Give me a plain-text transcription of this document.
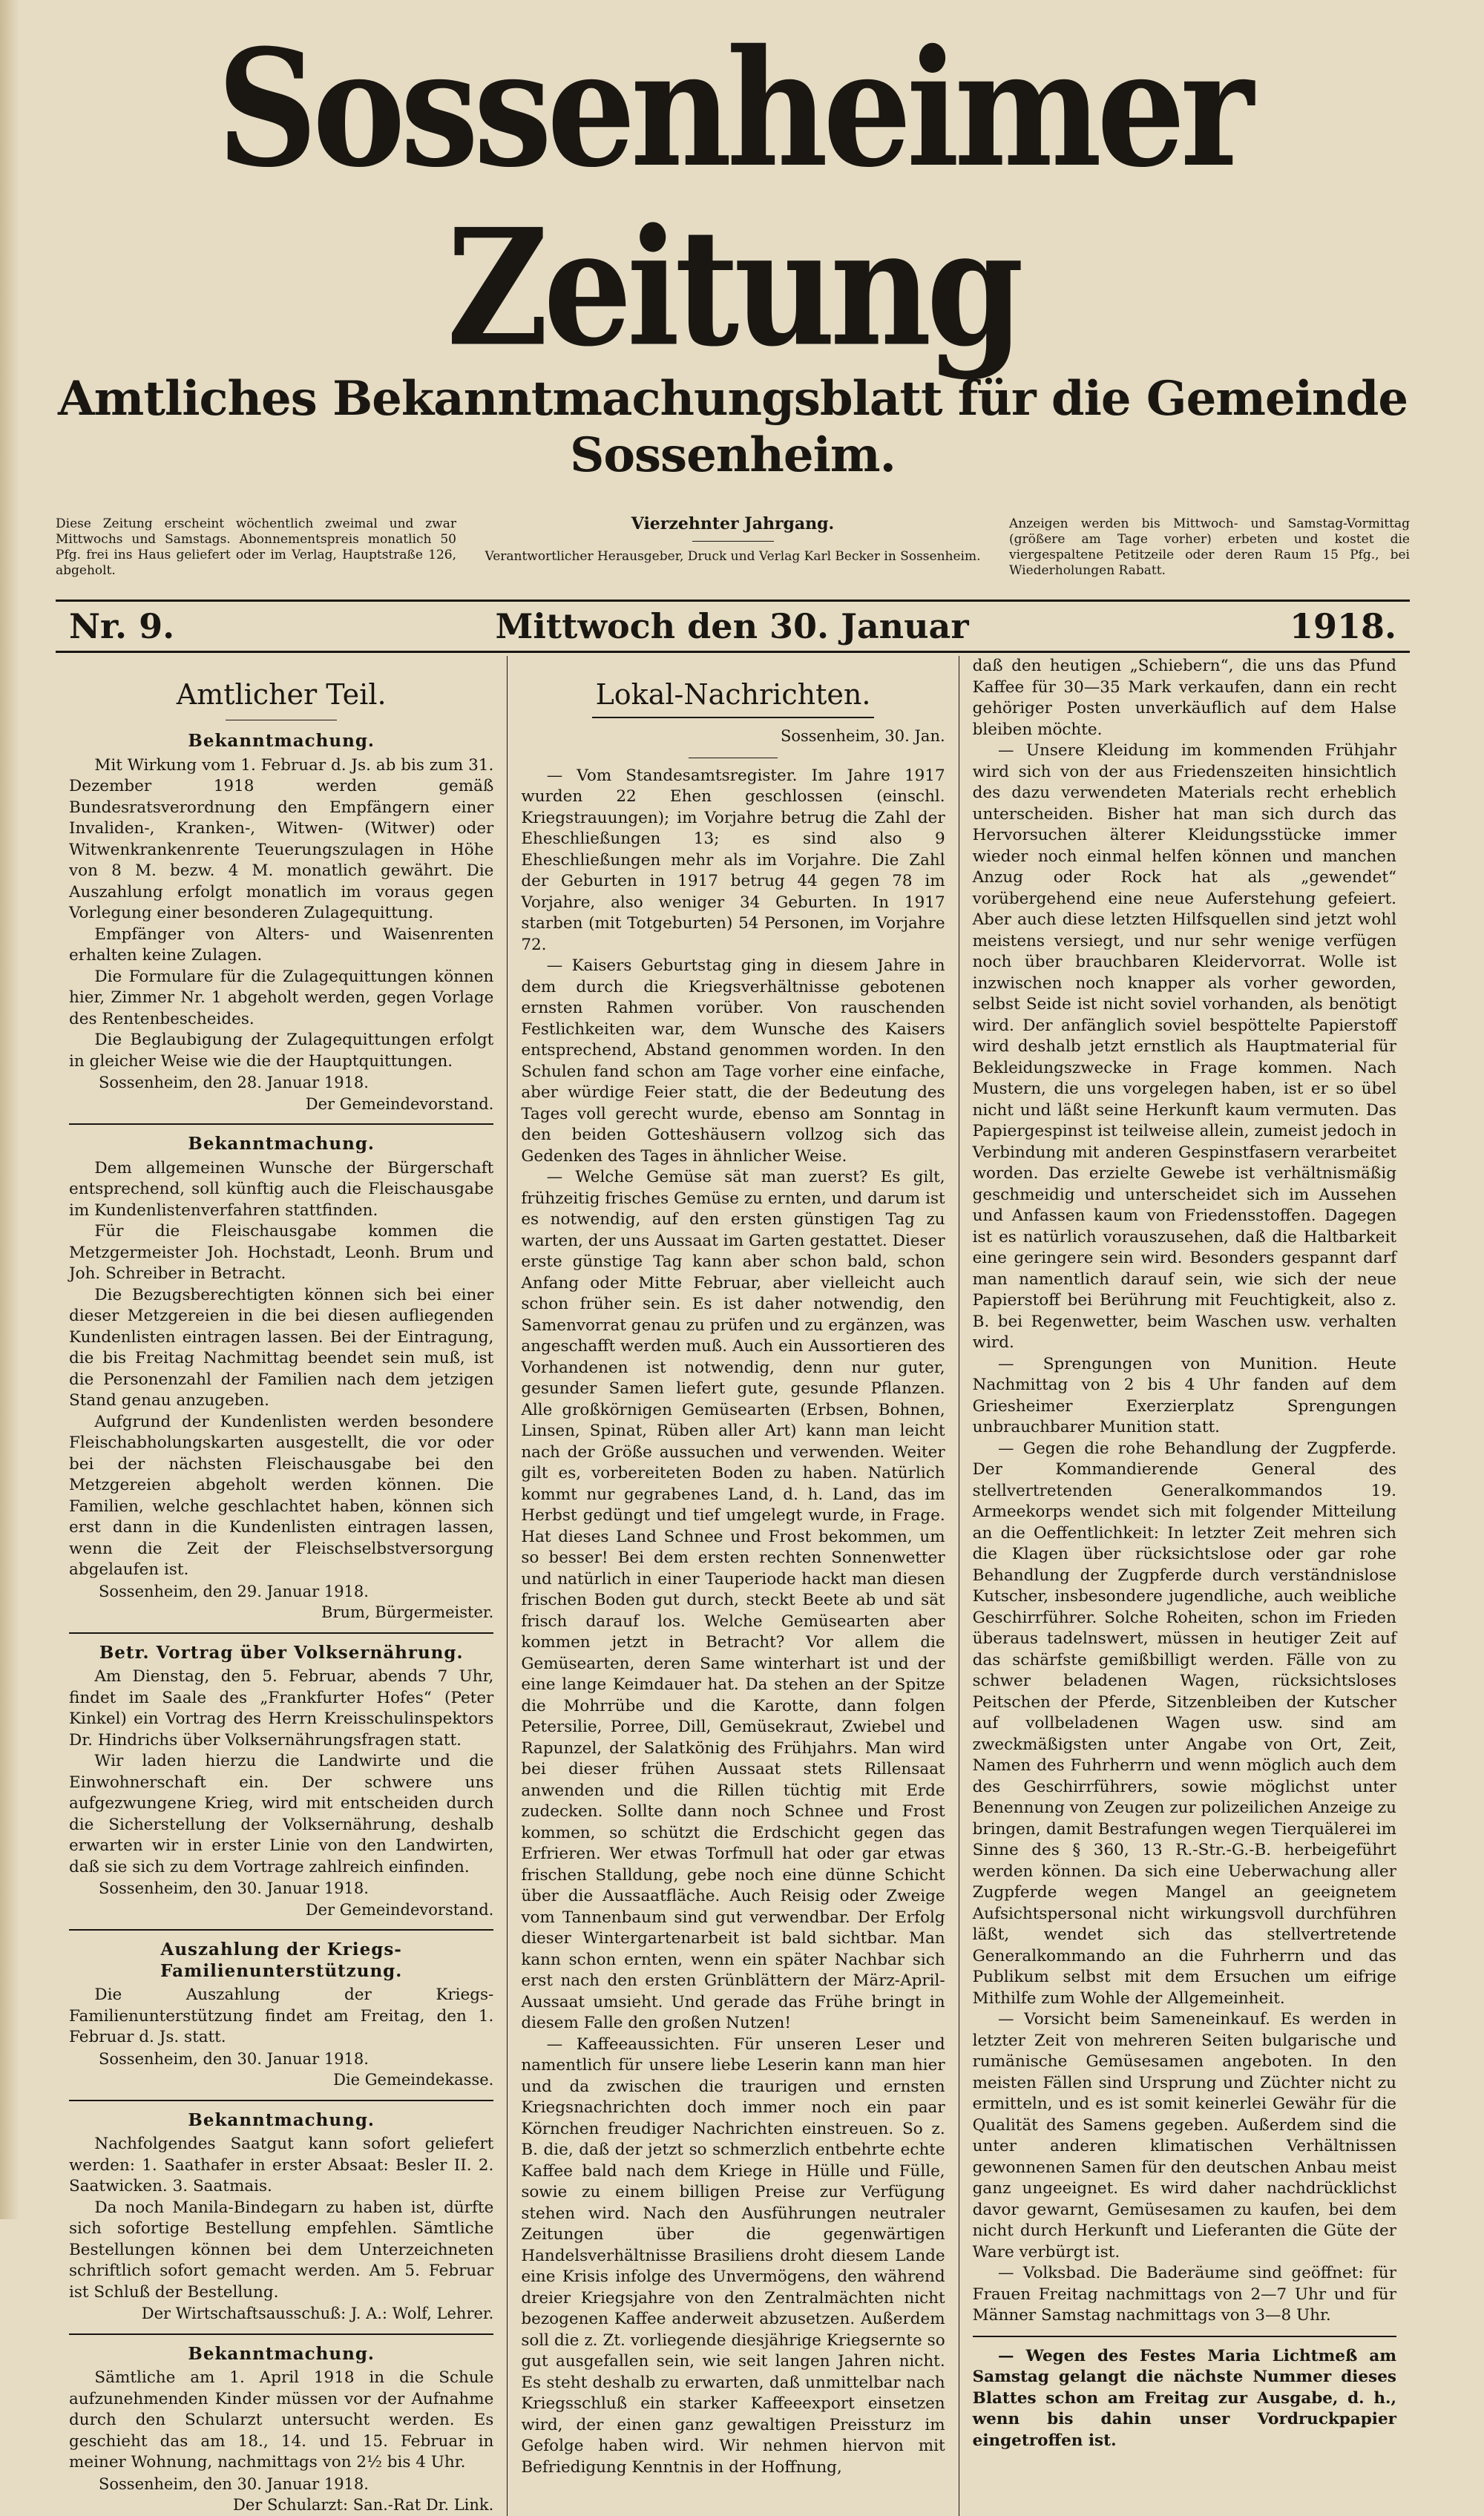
Sossenheimer Zeitung
Amtliches Bekanntmachungsblatt für die Gemeinde Sossenheim.
Diese Zeitung erscheint wöchentlich zweimal und zwar Mittwochs und Samstags. Abonnementspreis monatlich 50 Pfg. frei ins Haus geliefert oder im Verlag, Hauptstraße 126, abgeholt.
Vierzehnter Jahrgang.
Verantwortlicher Herausgeber, Druck und Verlag Karl Becker in Sossenheim.
Anzeigen werden bis Mittwoch- und Samstag-Vormittag (größere am Tage vorher) erbeten und kostet die viergespaltene Petitzeile oder deren Raum 15 Pfg., bei Wiederholungen Rabatt.
Nr. 9.	Mittwoch den 30. Januar	1918.
Amtlicher Teil.
Bekanntmachung.

Mit Wirkung vom 1. Februar d. Js. ab bis zum 31. Dezember 1918 werden gemäß Bundesratsverordnung den Empfängern einer Invaliden-, Kranken-, Witwen- (Witwer) oder Witwenkrankenrente Teuerungszulagen in Höhe von 8 M. bezw. 4 M. monatlich gewährt. Die Auszahlung erfolgt monatlich im voraus gegen Vorlegung einer besonderen Zulagequittung.

Empfänger von Alters- und Waisenrenten erhalten keine Zulagen.

Die Formulare für die Zulagequittungen können hier, Zimmer Nr. 1 abgeholt werden, gegen Vorlage des Rentenbescheides.

Die Beglaubigung der Zulagequittungen erfolgt in gleicher Weise wie die der Hauptquittungen.

Sossenheim, den 28. Januar 1918.
Der Gemeindevorstand.
Bekanntmachung.

Dem allgemeinen Wunsche der Bürgerschaft entsprechend, soll künftig auch die Fleischausgabe im Kundenlistenverfahren stattfinden.

Für die Fleischausgabe kommen die Metzgermeister Joh. Hochstadt, Leonh. Brum und Joh. Schreiber in Betracht.

Die Bezugsberechtigten können sich bei einer dieser Metzgereien in die bei diesen aufliegenden Kundenlisten eintragen lassen. Bei der Eintragung, die bis Freitag Nachmittag beendet sein muß, ist die Personenzahl der Familien nach dem jetzigen Stand genau anzugeben.

Aufgrund der Kundenlisten werden besondere Fleischabholungskarten ausgestellt, die vor oder bei der nächsten Fleischausgabe bei den Metzgereien abgeholt werden können. Die Familien, welche geschlachtet haben, können sich erst dann in die Kundenlisten eintragen lassen, wenn die Zeit der Fleischselbstversorgung abgelaufen ist.

Sossenheim, den 29. Januar 1918.
Brum, Bürgermeister.
Betr. Vortrag über Volksernährung.

Am Dienstag, den 5. Februar, abends 7 Uhr, findet im Saale des „Frankfurter Hofes“ (Peter Kinkel) ein Vortrag des Herrn Kreisschulinspektors Dr. Hindrichs über Volksernährungsfragen statt.

Wir laden hierzu die Landwirte und die Einwohnerschaft ein. Der schwere uns aufgezwungene Krieg, wird mit entscheiden durch die Sicherstellung der Volksernährung, deshalb erwarten wir in erster Linie von den Landwirten, daß sie sich zu dem Vortrage zahlreich einfinden.

Sossenheim, den 30. Januar 1918.
Der Gemeindevorstand.
Auszahlung der Kriegs-Familienunterstützung.

Die Auszahlung der Kriegs-Familienunterstützung findet am Freitag, den 1. Februar d. Js. statt.

Sossenheim, den 30. Januar 1918.
Die Gemeindekasse.
Bekanntmachung.

Nachfolgendes Saatgut kann sofort geliefert werden: 1. Saathafer in erster Absaat: Besler II. 2. Saatwicken. 3. Saatmais.

Da noch Manila-Bindegarn zu haben ist, dürfte sich sofortige Bestellung empfehlen. Sämtliche Bestellungen können bei dem Unterzeichneten schriftlich sofort gemacht werden. Am 5. Februar ist Schluß der Bestellung.

Der Wirtschaftsausschuß: J. A.: Wolf, Lehrer.
Bekanntmachung.

Sämtliche am 1. April 1918 in die Schule aufzunehmenden Kinder müssen vor der Aufnahme durch den Schularzt untersucht werden. Es geschieht das am 18., 14. und 15. Februar in meiner Wohnung, nachmittags von 2½ bis 4 Uhr.

Sossenheim, den 30. Januar 1918.
Der Schularzt: San.-Rat Dr. Link.
Lokal-Nachrichten.
Sossenheim, 30. Jan.

— Vom Standesamtsregister. Im Jahre 1917 wurden 22 Ehen geschlossen (einschl. Kriegstrauungen); im Vorjahre betrug die Zahl der Eheschließungen 13; es sind also 9 Eheschließungen mehr als im Vorjahre. Die Zahl der Geburten in 1917 betrug 44 gegen 78 im Vorjahre, also weniger 34 Geburten. In 1917 starben (mit Totgeburten) 54 Personen, im Vorjahre 72.

— Kaisers Geburtstag ging in diesem Jahre in dem durch die Kriegsverhältnisse gebotenen ernsten Rahmen vorüber. Von rauschenden Festlichkeiten war, dem Wunsche des Kaisers entsprechend, Abstand genommen worden. In den Schulen fand schon am Tage vorher eine einfache, aber würdige Feier statt, die der Bedeutung des Tages voll gerecht wurde, ebenso am Sonntag in den beiden Gotteshäusern vollzog sich das Gedenken des Tages in ähnlicher Weise.

— Welche Gemüse sät man zuerst? Es gilt, frühzeitig frisches Gemüse zu ernten, und darum ist es notwendig, auf den ersten günstigen Tag zu warten, der uns Aussaat im Garten gestattet. Dieser erste günstige Tag kann aber schon bald, schon Anfang oder Mitte Februar, aber vielleicht auch schon früher sein. Es ist daher notwendig, den Samenvorrat genau zu prüfen und zu ergänzen, was angeschafft werden muß. Auch ein Aussortieren des Vorhandenen ist notwendig, denn nur guter, gesunder Samen liefert gute, gesunde Pflanzen. Alle großkörnigen Gemüsearten (Erbsen, Bohnen, Linsen, Spinat, Rüben aller Art) kann man leicht nach der Größe aussuchen und verwenden. Weiter gilt es, vorbereiteten Boden zu haben. Natürlich kommt nur gegrabenes Land, d. h. Land, das im Herbst gedüngt und tief umgelegt wurde, in Frage. Hat dieses Land Schnee und Frost bekommen, um so besser! Bei dem ersten rechten Sonnenwetter und natürlich in einer Tauperiode hackt man diesen frischen Boden gut durch, steckt Beete ab und sät frisch darauf los. Welche Gemüsearten aber kommen jetzt in Betracht? Vor allem die Gemüsearten, deren Same winterhart ist und der eine lange Keimdauer hat. Da stehen an der Spitze die Mohrrübe und die Karotte, dann folgen Petersilie, Porree, Dill, Gemüsekraut, Zwiebel und Rapunzel, der Salatkönig des Frühjahrs. Man wird bei dieser frühen Aussaat stets Rillensaat anwenden und die Rillen tüchtig mit Erde zudecken. Sollte dann noch Schnee und Frost kommen, so schützt die Erdschicht gegen das Erfrieren. Wer etwas Torfmull hat oder gar etwas frischen Stalldung, gebe noch eine dünne Schicht über die Aussaatfläche. Auch Reisig oder Zweige vom Tannenbaum sind gut verwendbar. Der Erfolg dieser Wintergartenarbeit ist bald sichtbar. Man kann schon ernten, wenn ein später Nachbar sich erst nach den ersten Grünblättern der März-April-Aussaat umsieht. Und gerade das Frühe bringt in diesem Falle den großen Nutzen!

— Kaffeeaussichten. Für unseren Leser und namentlich für unsere liebe Leserin kann man hier und da zwischen die traurigen und ernsten Kriegsnachrichten doch immer noch ein paar Körnchen freudiger Nachrichten einstreuen. So z. B. die, daß der jetzt so schmerzlich entbehrte echte Kaffee bald nach dem Kriege in Hülle und Fülle, sowie zu einem billigen Preise zur Verfügung stehen wird. Nach den Ausführungen neutraler Zeitungen über die gegenwärtigen Handelsverhältnisse Brasiliens droht diesem Lande eine Krisis infolge des Unvermögens, den während dreier Kriegsjahre von den Zentralmächten nicht bezogenen Kaffee anderweit abzusetzen. Außerdem soll die z. Zt. vorliegende diesjährige Kriegsernte so gut ausgefallen sein, wie seit langen Jahren nicht. Es steht deshalb zu erwarten, daß unmittelbar nach Kriegsschluß ein starker Kaffeeexport einsetzen wird, der einen ganz gewaltigen Preissturz im Gefolge haben wird. Wir nehmen hiervon mit Befriedigung Kenntnis in der Hoffnung,

daß den heutigen „Schiebern“, die uns das Pfund Kaffee für 30—35 Mark verkaufen, dann ein recht gehöriger Posten unverkäuflich auf dem Halse bleiben möchte.

— Unsere Kleidung im kommenden Frühjahr wird sich von der aus Friedenszeiten hinsichtlich des dazu verwendeten Materials recht erheblich unterscheiden. Bisher hat man sich durch das Hervorsuchen älterer Kleidungsstücke immer wieder noch einmal helfen können und manchen Anzug oder Rock hat als „gewendet“ vorübergehend eine neue Auferstehung gefeiert. Aber auch diese letzten Hilfsquellen sind jetzt wohl meistens versiegt, und nur sehr wenige verfügen noch über brauchbaren Kleidervorrat. Wolle ist inzwischen noch knapper als vorher geworden, selbst Seide ist nicht soviel vorhanden, als benötigt wird. Der anfänglich soviel bespöttelte Papierstoff wird deshalb jetzt ernstlich als Hauptmaterial für Bekleidungszwecke in Frage kommen. Nach Mustern, die uns vorgelegen haben, ist er so übel nicht und läßt seine Herkunft kaum vermuten. Das Papiergespinst ist teilweise allein, zumeist jedoch in Verbindung mit anderen Gespinstfasern verarbeitet worden. Das erzielte Gewebe ist verhältnismäßig geschmeidig und unterscheidet sich im Aussehen und Anfassen kaum von Friedensstoffen. Dagegen ist es natürlich vorauszusehen, daß die Haltbarkeit eine geringere sein wird. Besonders gespannt darf man namentlich darauf sein, wie sich der neue Papierstoff bei Berührung mit Feuchtigkeit, also z. B. bei Regenwetter, beim Waschen usw. verhalten wird.

— Sprengungen von Munition. Heute Nachmittag von 2 bis 4 Uhr fanden auf dem Griesheimer Exerzierplatz Sprengungen unbrauchbarer Munition statt.

— Gegen die rohe Behandlung der Zugpferde. Der Kommandierende General des stellvertretenden Generalkommandos 19. Armeekorps wendet sich mit folgender Mitteilung an die Oeffentlichkeit: In letzter Zeit mehren sich die Klagen über rücksichtslose oder gar rohe Behandlung der Zugpferde durch verständnislose Kutscher, insbesondere jugendliche, auch weibliche Geschirrführer. Solche Roheiten, schon im Frieden überaus tadelnswert, müssen in heutiger Zeit auf das schärfste gemißbilligt werden. Fälle von zu schwer beladenen Wagen, rücksichtsloses Peitschen der Pferde, Sitzenbleiben der Kutscher auf vollbeladenen Wagen usw. sind am zweckmäßigsten unter Angabe von Ort, Zeit, Namen des Fuhrherrn und wenn möglich auch dem des Geschirrführers, sowie möglichst unter Benennung von Zeugen zur polizeilichen Anzeige zu bringen, damit Bestrafungen wegen Tierquälerei im Sinne des § 360, 13 R.-Str.-G.-B. herbeigeführt werden können. Da sich eine Ueberwachung aller Zugpferde wegen Mangel an geeignetem Aufsichtspersonal nicht wirkungsvoll durchführen läßt, wendet sich das stellvertretende Generalkommando an die Fuhrherrn und das Publikum selbst mit dem Ersuchen um eifrige Mithilfe zum Wohle der Allgemeinheit.

— Vorsicht beim Sameneinkauf. Es werden in letzter Zeit von mehreren Seiten bulgarische und rumänische Gemüsesamen angeboten. In den meisten Fällen sind Ursprung und Züchter nicht zu ermitteln, und es ist somit keinerlei Gewähr für die Qualität des Samens gegeben. Außerdem sind die unter anderen klimatischen Verhältnissen gewonnenen Samen für den deutschen Anbau meist ganz ungeeignet. Es wird daher nachdrücklichst davor gewarnt, Gemüsesamen zu kaufen, bei dem nicht durch Herkunft und Lieferanten die Güte der Ware verbürgt ist.

— Volksbad. Die Baderäume sind geöffnet: für Frauen Freitag nachmittags von 2—7 Uhr und für Männer Samstag nachmittags von 3—8 Uhr.

— Wegen des Festes Maria Lichtmeß am Samstag gelangt die nächste Nummer dieses Blattes schon am Freitag zur Ausgabe, d. h., wenn bis dahin unser Vordruckpapier eingetroffen ist.
